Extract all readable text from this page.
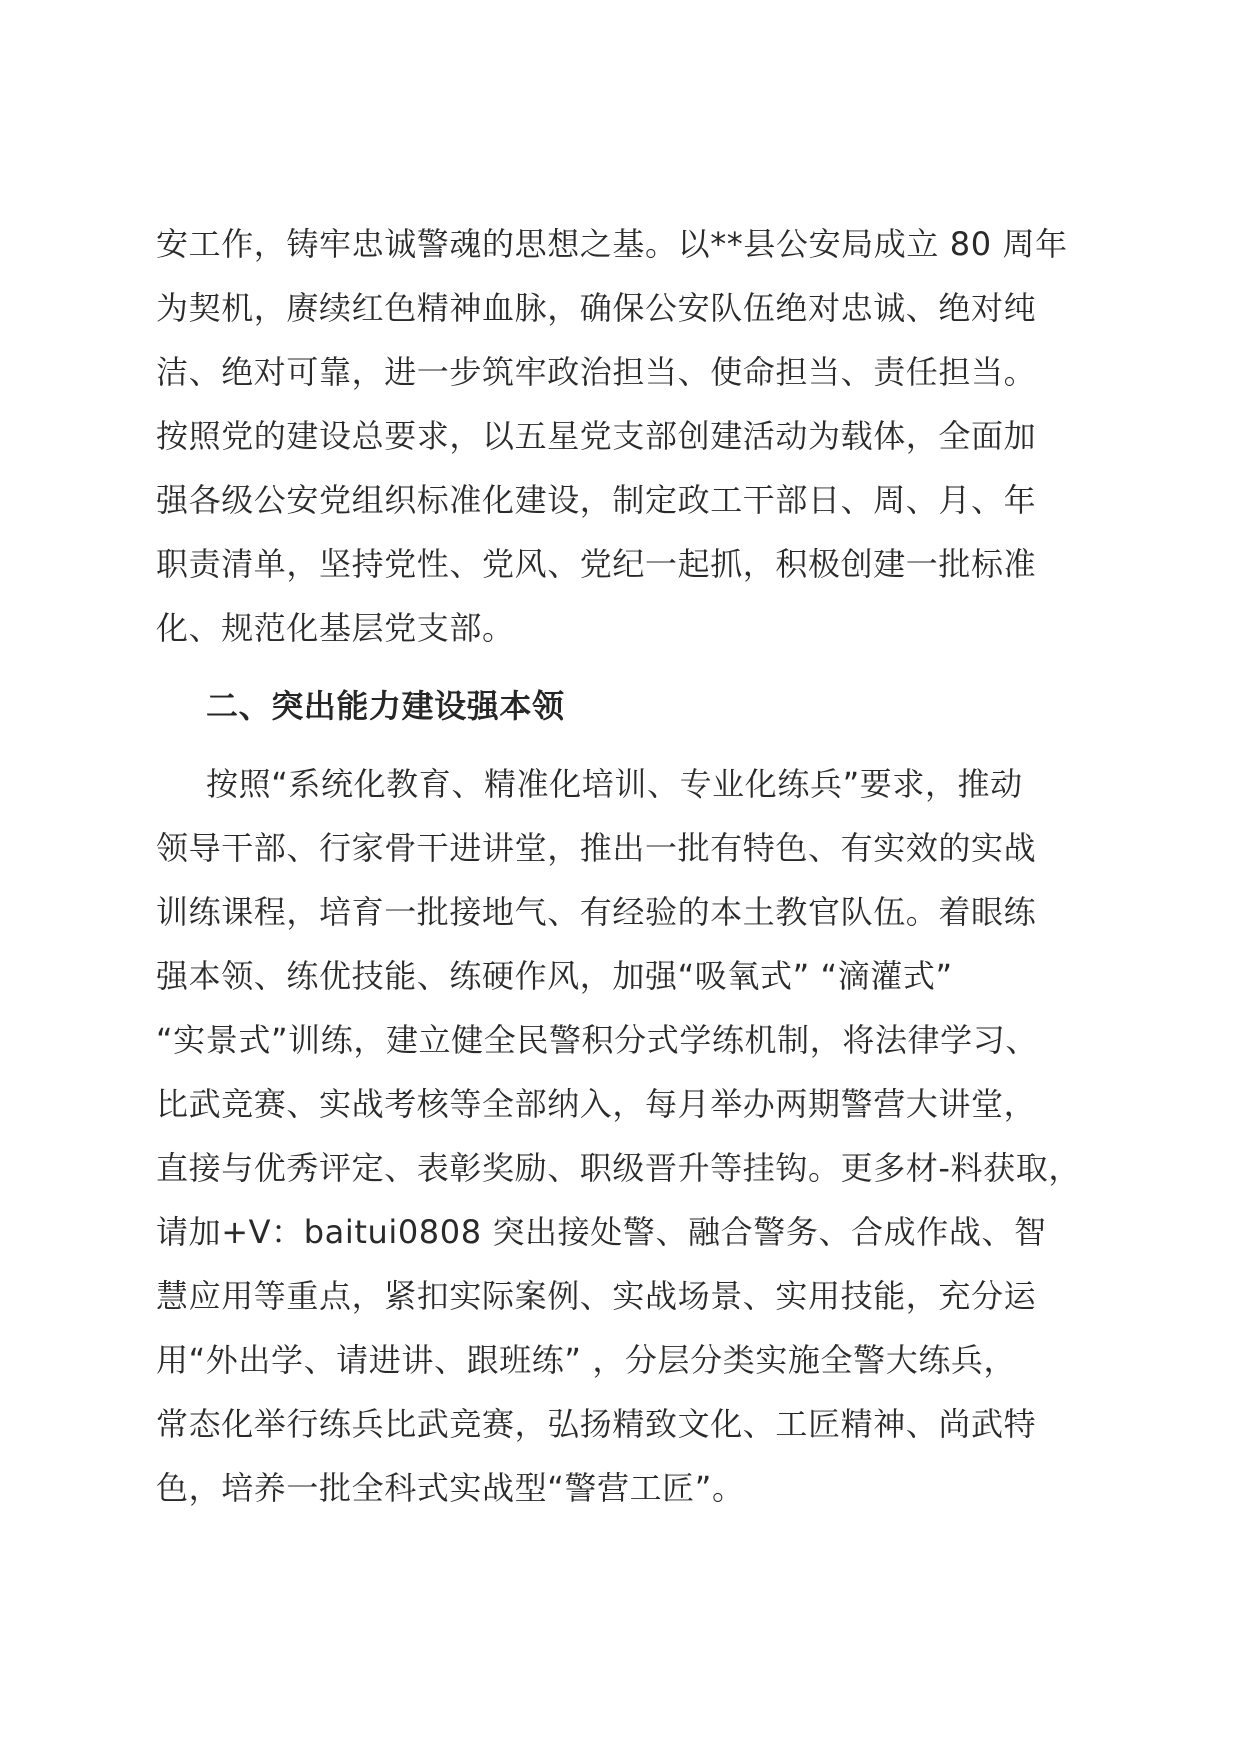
安工作，铸牢忠诚警魂的思想之基。以**县公安局成立 80 周年
为契机，赓续红色精神血脉，确保公安队伍绝对忠诚、绝对纯
洁、绝对可靠，进一步筑牢政治担当、使命担当、责任担当。
按照党的建设总要求，以五星党支部创建活动为载体，全面加
强各级公安党组织标准化建设，制定政工干部日、周、月、年
职责清单，坚持党性、党风、党纪一起抓，积极创建一批标准
化、规范化基层党支部。
二、突出能力建设强本领
按照“系统化教育、精准化培训、专业化练兵”要求，推动
领导干部、行家骨干进讲堂，推出一批有特色、有实效的实战
训练课程，培育一批接地气、有经验的本土教官队伍。着眼练
强本领、练优技能、练硬作风，加强“吸氧式” “滴灌式”
“实景式”训练，建立健全民警积分式学练机制，将法律学习、
比武竞赛、实战考核等全部纳入，每月举办两期警营大讲堂，
直接与优秀评定、表彰奖励、职级晋升等挂钩。更多材-料获取，
请加+V：baitui0808 突出接处警、融合警务、合成作战、智
慧应用等重点，紧扣实际案例、实战场景、实用技能，充分运
用“外出学、请进讲、跟班练” ，分层分类实施全警大练兵，
常态化举行练兵比武竞赛，弘扬精致文化、工匠精神、尚武特
色，培养一批全科式实战型“警营工匠”。
